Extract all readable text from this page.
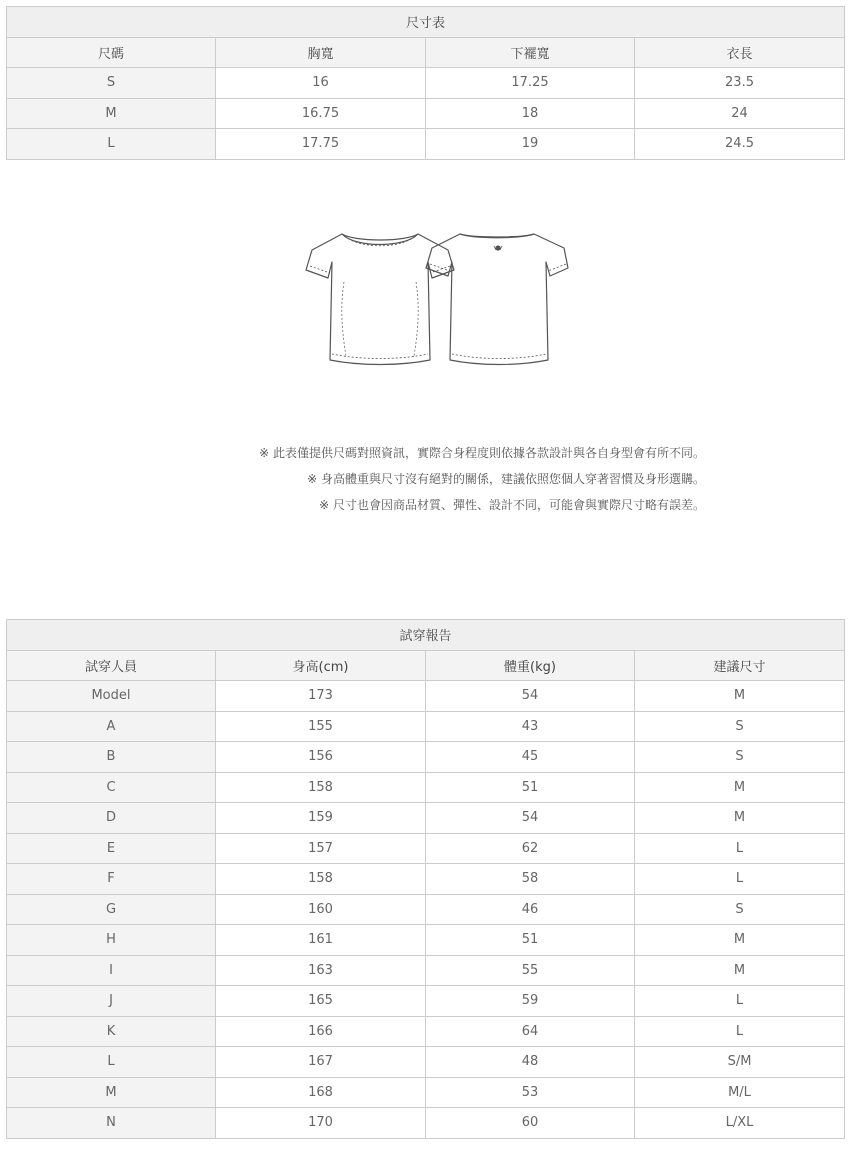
尺寸表			
尺碼	胸寬	下襬寬	衣長
S	16	17.25	23.5
M	16.75	18	24
L	17.75	19	24.5
※ 此表僅提供尺碼對照資訊，實際合身程度則依據各款設計與各自身型會有所不同。
※ 身高體重與尺寸沒有絕對的關係，建議依照您個人穿著習慣及身形選購。
※ 尺寸也會因商品材質、彈性、設計不同，可能會與實際尺寸略有誤差。
試穿報告			
試穿人員	身高(cm)	體重(kg)	建議尺寸
Model	173	54	M
A	155	43	S
B	156	45	S
C	158	51	M
D	159	54	M
E	157	62	L
F	158	58	L
G	160	46	S
H	161	51	M
I	163	55	M
J	165	59	L
K	166	64	L
L	167	48	S/M
M	168	53	M/L
N	170	60	L/XL
